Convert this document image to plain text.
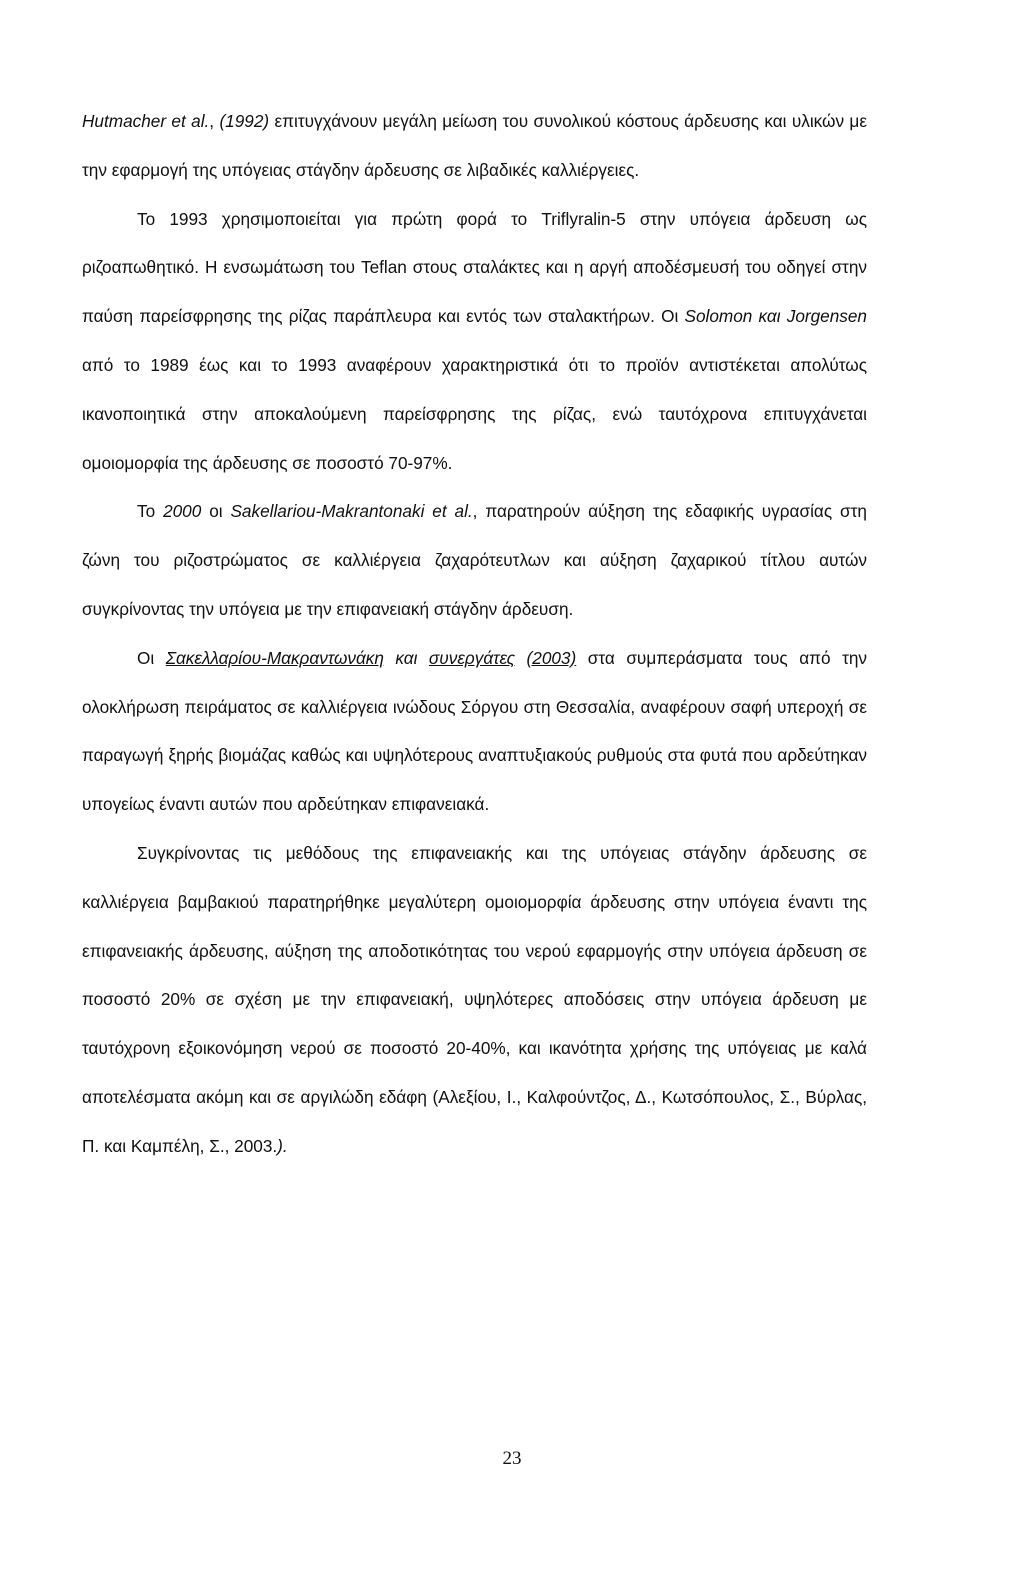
Hutmacher et al., (1992) επιτυγχάνουν μεγάλη μείωση του συνολικού κόστους άρδευσης και υλικών με την εφαρμογή της υπόγειας στάγδην άρδευσης σε λιβαδικές καλλιέργειες.

Το 1993 χρησιμοποιείται για πρώτη φορά το Triflyralin-5 στην υπόγεια άρδευση ως ριζοαπωθητικό. Η ενσωμάτωση του Teflan στους σταλάκτες και η αργή αποδέσμευσή του οδηγεί στην παύση παρείσφρησης της ρίζας παράπλευρα και εντός των σταλακτήρων. Οι Solomon και Jorgensen από το 1989 έως και το 1993 αναφέρουν χαρακτηριστικά ότι το προϊόν αντιστέκεται απολύτως ικανοποιητικά στην αποκαλούμενη παρείσφρησης της ρίζας, ενώ ταυτόχρονα επιτυγχάνεται ομοιομορφία της άρδευσης σε ποσοστό 70-97%.

Το 2000 οι Sakellariou-Makrantonaki et al., παρατηρούν αύξηση της εδαφικής υγρασίας στη ζώνη του ριζοστρώματος σε καλλιέργεια ζαχαρότευτλων και αύξηση ζαχαρικού τίτλου αυτών συγκρίνοντας την υπόγεια με την επιφανειακή στάγδην άρδευση.

Οι Σακελλαρίου-Μακραντωνάκη και συνεργάτες (2003) στα συμπεράσματα τους από την ολοκλήρωση πειράματος σε καλλιέργεια ινώδους Σόργου στη Θεσσαλία, αναφέρουν σαφή υπεροχή σε παραγωγή ξηρής βιομάζας καθώς και υψηλότερους αναπτυξιακούς ρυθμούς στα φυτά που αρδεύτηκαν υπογείως έναντι αυτών που αρδεύτηκαν επιφανειακά.

Συγκρίνοντας τις μεθόδους της επιφανειακής και της υπόγειας στάγδην άρδευσης σε καλλιέργεια βαμβακιού παρατηρήθηκε μεγαλύτερη ομοιομορφία άρδευσης στην υπόγεια έναντι της επιφανειακής άρδευσης, αύξηση της αποδοτικότητας του νερού εφαρμογής στην υπόγεια άρδευση σε ποσοστό 20% σε σχέση με την επιφανειακή, υψηλότερες αποδόσεις στην υπόγεια άρδευση με ταυτόχρονη εξοικονόμηση νερού σε ποσοστό 20-40%, και ικανότητα χρήσης της υπόγειας με καλά αποτελέσματα ακόμη και σε αργιλώδη εδάφη (Αλεξίου, Ι., Καλφούντζος, Δ., Κωτσόπουλος, Σ., Βύρλας, Π. και Καμπέλη, Σ., 2003.).

23
